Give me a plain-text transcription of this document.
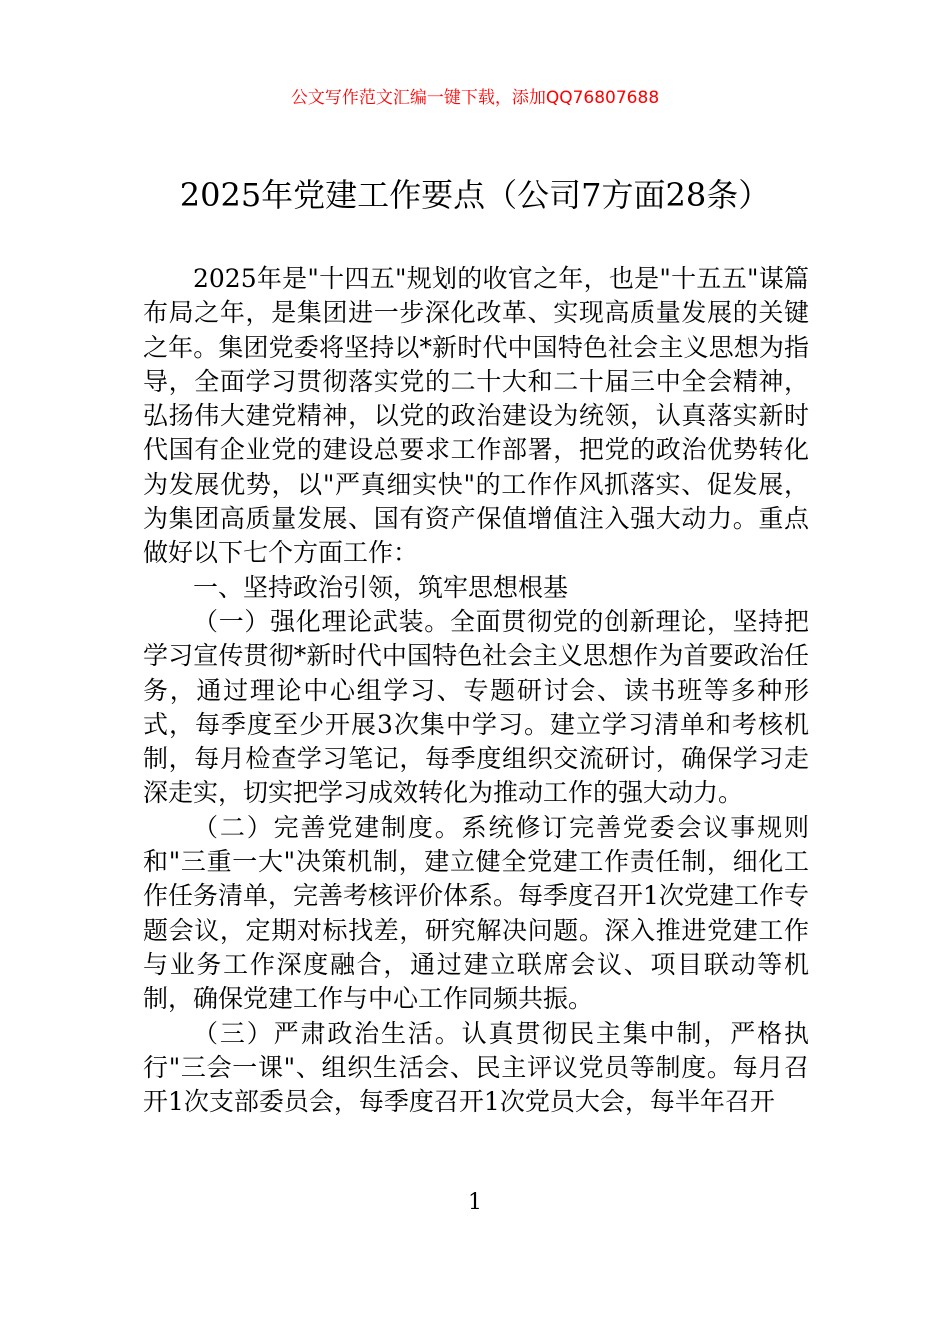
公文写作范文汇编一键下载，添加QQ76807688
2025年党建工作要点（公司7方面28条）

2025年是"十四五"规划的收官之年，也是"十五五"谋篇布局之年，是集团进一步深化改革、实现高质量发展的关键之年。集团党委将坚持以*新时代中国特色社会主义思想为指导，全面学习贯彻落实党的二十大和二十届三中全会精神，弘扬伟大建党精神，以党的政治建设为统领，认真落实新时代国有企业党的建设总要求工作部署，把党的政治优势转化为发展优势，以"严真细实快"的工作作风抓落实、促发展，为集团高质量发展、国有资产保值增值注入强大动力。重点做好以下七个方面工作：

一、坚持政治引领，筑牢思想根基

（一）强化理论武装。全面贯彻党的创新理论，坚持把学习宣传贯彻*新时代中国特色社会主义思想作为首要政治任务，通过理论中心组学习、专题研讨会、读书班等多种形式，每季度至少开展3次集中学习。建立学习清单和考核机制，每月检查学习笔记，每季度组织交流研讨，确保学习走深走实，切实把学习成效转化为推动工作的强大动力。

（二）完善党建制度。系统修订完善党委会议事规则和"三重一大"决策机制，建立健全党建工作责任制，细化工作任务清单，完善考核评价体系。每季度召开1次党建工作专题会议，定期对标找差，研究解决问题。深入推进党建工作与业务工作深度融合，通过建立联席会议、项目联动等机制，确保党建工作与中心工作同频共振。

（三）严肃政治生活。认真贯彻民主集中制，严格执行"三会一课"、组织生活会、民主评议党员等制度。每月召开1次支部委员会，每季度召开1次党员大会，每半年召开

1
